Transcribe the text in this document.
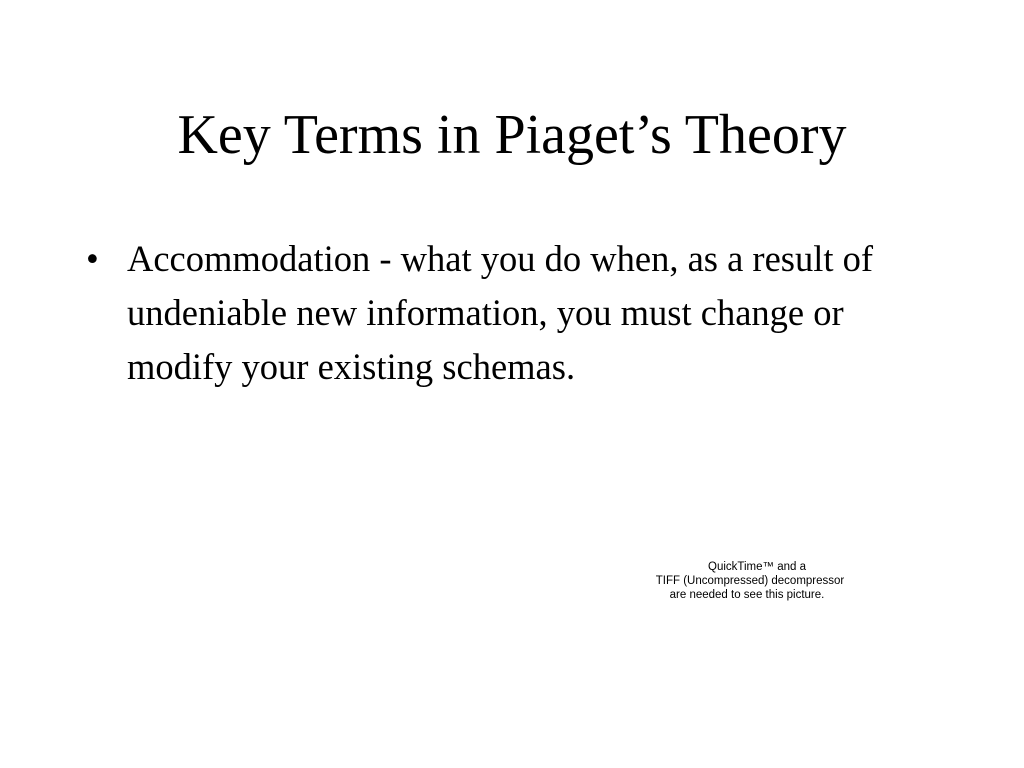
Key Terms in Piaget’s Theory
• Accommodation - what you do when, as a result of undeniable new information, you must change or modify your existing schemas.
QuickTime™ and a
TIFF (Uncompressed) decompressor
are needed to see this picture.
